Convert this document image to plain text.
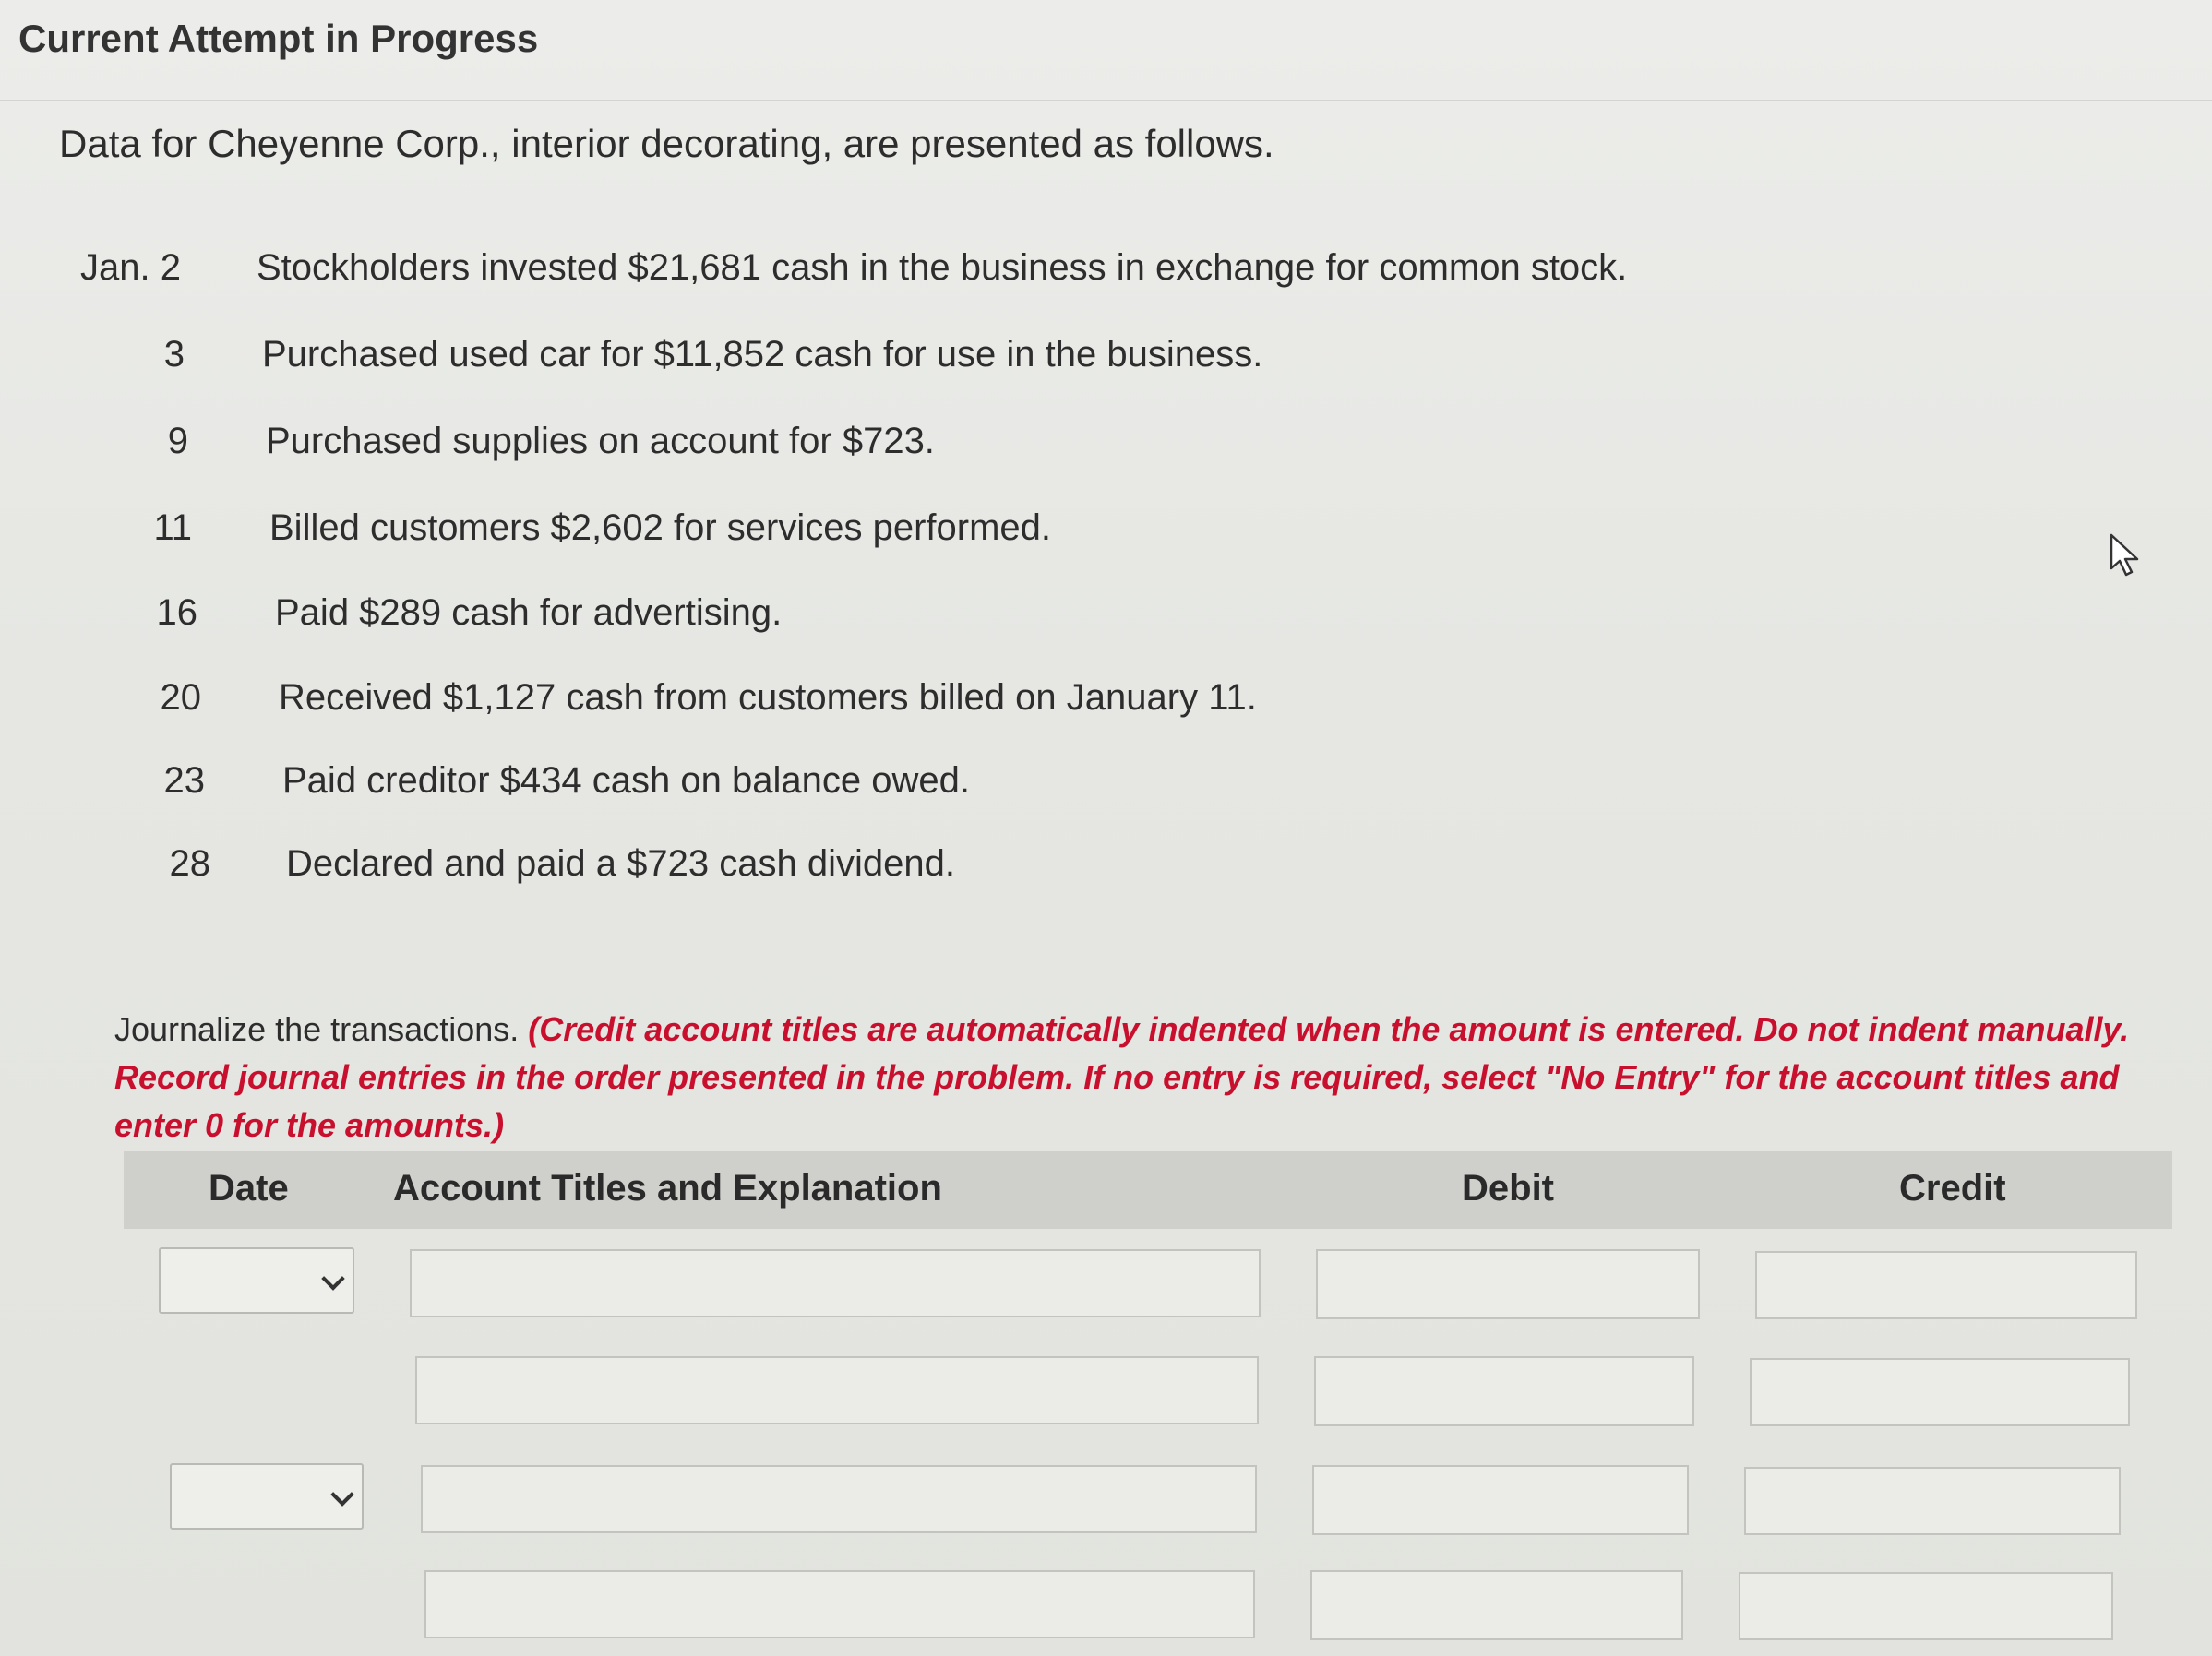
Current Attempt in Progress
Data for Cheyenne Corp., interior decorating, are presented as follows.
Jan. 2 Stockholders invested $21,681 cash in the business in exchange for common stock.
3 Purchased used car for $11,852 cash for use in the business.
9 Purchased supplies on account for $723.
11 Billed customers $2,602 for services performed.
16 Paid $289 cash for advertising.
20 Received $1,127 cash from customers billed on January 11.
23 Paid creditor $434 cash on balance owed.
28 Declared and paid a $723 cash dividend.
Journalize the transactions. (Credit account titles are automatically indented when the amount is entered. Do not indent manually. Record journal entries in the order presented in the problem. If no entry is required, select "No Entry" for the account titles and enter 0 for the amounts.)
Date	Account Titles and Explanation	Debit	Credit
